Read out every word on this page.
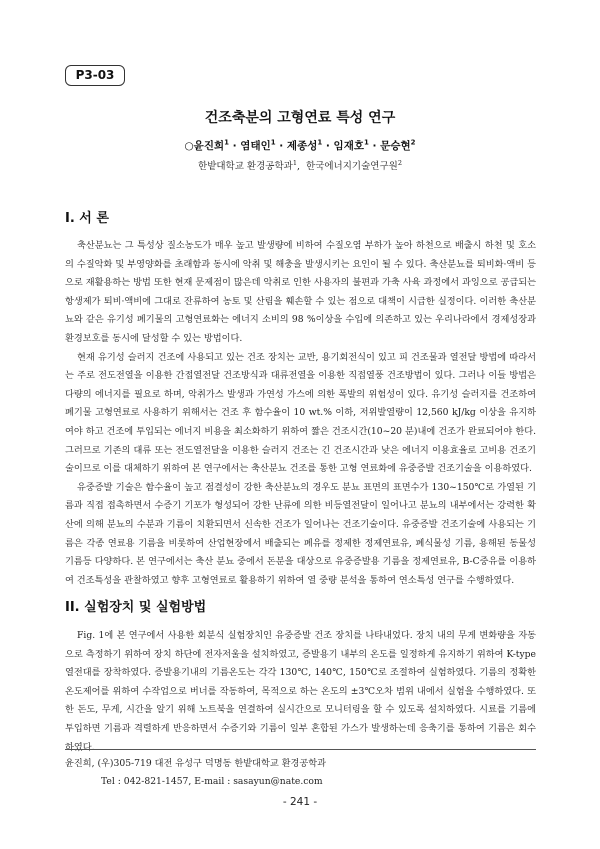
P3-03
건조축분의 고형연료 특성 연구
○윤진희$^1$ · 염태인$^1$ · 제종성$^1$ · 임재호$^1$ · 문승현$^2$
한밭대학교 환경공학과$^1$,  한국에너지기술연구원$^2$
I. 서 론

축산분뇨는 그 특성상 질소농도가 매우 높고 발생량에 비하여 수질오염 부하가 높아 하천으로 배출시 하천 및 호소의 수질악화 및 부영양화를 초래함과 동시에 악취 및 해충을 발생시키는 요인이 될 수 있다. 축산분뇨를 퇴비화·액비 등으로 재활용하는 방법 또한 현재 문제점이 많은데 악취로 인한 사용자의 불편과 가축 사육 과정에서 과잉으로 공급되는 항생제가 퇴비·액비에 그대로 잔류하여 농토 및 산림을 훼손할 수 있는 점으로 대책이 시급한 실정이다. 이러한 축산분뇨와 같은 유기성 폐기물의 고형연료화는 에너지 소비의 98 %이상을 수입에 의존하고 있는 우리나라에서 경제성장과 환경보호를 동시에 달성할 수 있는 방법이다.

현재 유기성 슬러지 건조에 사용되고 있는 건조 장치는 교반, 용기회전식이 있고 피 건조물과 열전달 방법에 따라서는 주로 전도전열을 이용한 간접열전달 건조방식과 대류전열을 이용한 직접열풍 건조방법이 있다. 그러나 이들 방법은 다량의 에너지를 필요로 하며, 악취가스 발생과 가연성 가스에 의한 폭발의 위험성이 있다. 유기성 슬러지를 건조하여 폐기물 고형연료로 사용하기 위해서는 건조 후 함수율이 10 wt.% 이하, 저위발열량이 12,560 kJ/kg 이상을 유지하여야 하고 건조에 투입되는 에너지 비용을 최소화하기 위하여 짧은 건조시간(10~20 분)내에 건조가 완료되어야 한다. 그러므로 기존의 대류 또는 전도열전달을 이용한 슬러지 건조는 긴 건조시간과 낮은 에너지 이용효율로 고비용 건조기술이므로 이를 대체하기 위하여 본 연구에서는 축산분뇨 건조를 통한 고형 연료화에 유중증발 건조기술을 이용하였다.

유중증발 기술은 함수율이 높고 점결성이 강한 축산분뇨의 경우도 분뇨 표면의 표면수가 130~150℃로 가열된 기름과 직접 접촉하면서 수증기 기포가 형성되어 강한 난류에 의한 비등열전달이 일어나고 분뇨의 내부에서는 강력한 확산에 의해 분뇨의 수분과 기름이 치환되면서 신속한 건조가 일어나는 건조기술이다. 유중증발 건조기술에 사용되는 기름은 각종 연료용 기름을 비롯하여 산업현장에서 배출되는 폐유를 정제한 정제연료유, 폐식물성 기름, 용해된 동물성 기름등 다양하다. 본 연구에서는 축산 분뇨 중에서 돈분을 대상으로 유중증발용 기름을 정제연료유, B-C중유를 이용하여 건조특성을 관찰하였고 향후 고형연료로 활용하기 위하여 열 중량 분석을 통하여 연소특성 연구를 수행하였다.

II. 실험장치 및 실험방법

Fig. 1에 본 연구에서 사용한 회분식 실험장치인 유중증발 건조 장치를 나타내었다. 장치 내의 무게 변화량을 자동으로 측정하기 위하여 장치 하단에 전자저울을 설치하였고, 증발용기 내부의 온도를 일정하게 유지하기 위하여 K-type 열전대를 장착하였다. 증발용기내의 기름온도는 각각 130℃, 140℃, 150℃로 조절하여 실험하였다. 기름의 정확한 온도제어를 위하여 수작업으로 버너를 작동하여, 목적으로 하는 온도의 ±3℃오차 범위 내에서 실험을 수행하였다. 또한 돈도, 무게, 시간을 알기 위해 노트북을 연결하여 실시간으로 모니터링을 할 수 있도록 설치하였다. 시료를 기름에 투입하면 기름과 격렬하게 반응하면서 수증기와 기름이 일부 혼합된 가스가 발생하는데 응축기를 통하여 기름은 회수하였다.

윤진희, (우)305-719 대전 유성구 덕명동 한밭대학교 환경공학과
Tel : 042-821-1457, E-mail : sasayun@nate.com
- 241 -
